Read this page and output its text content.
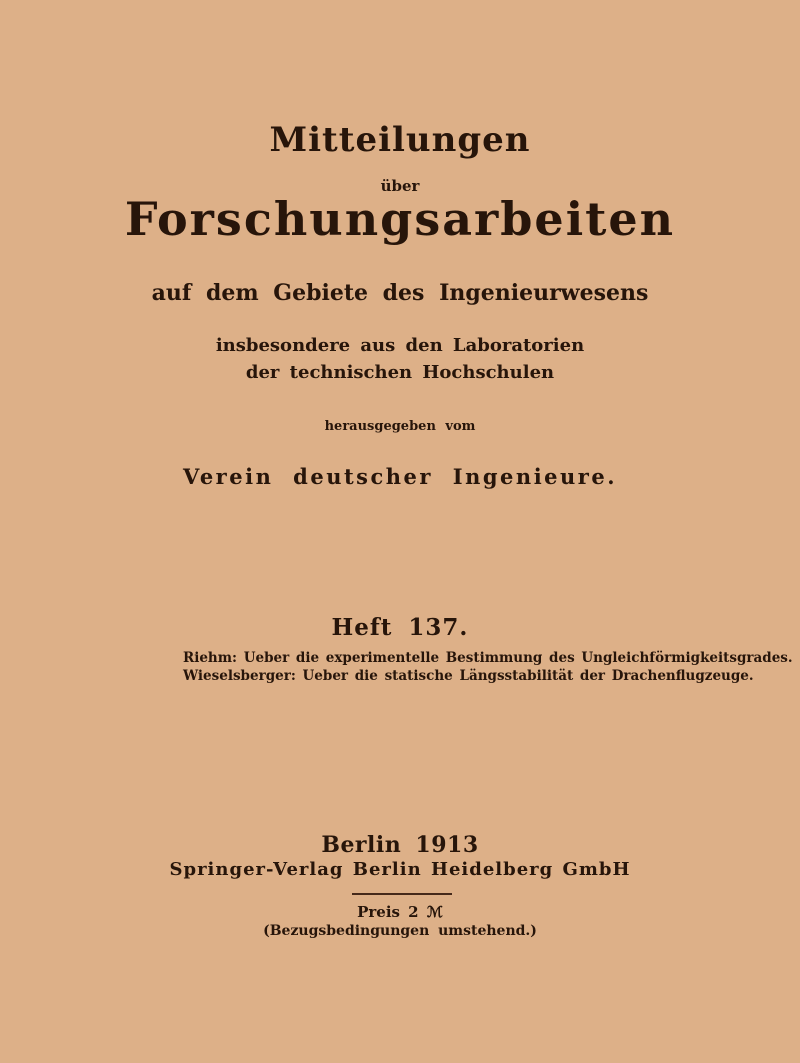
Mitteilungen
über
Forschungsarbeiten
auf dem Gebiete des Ingenieurwesens
insbesondere aus den Laboratorien
der technischen Hochschulen
herausgegeben vom
Verein deutscher Ingenieure.
Heft 137.
Riehm: Ueber die experimentelle Bestimmung des Ungleichförmigkeitsgrades.
Wieselsberger: Ueber die statische Längsstabilität der Drachenflugzeuge.
Berlin 1913
Springer-Verlag Berlin Heidelberg GmbH
Preis 2 ℳ
(Bezugsbedingungen umstehend.)
